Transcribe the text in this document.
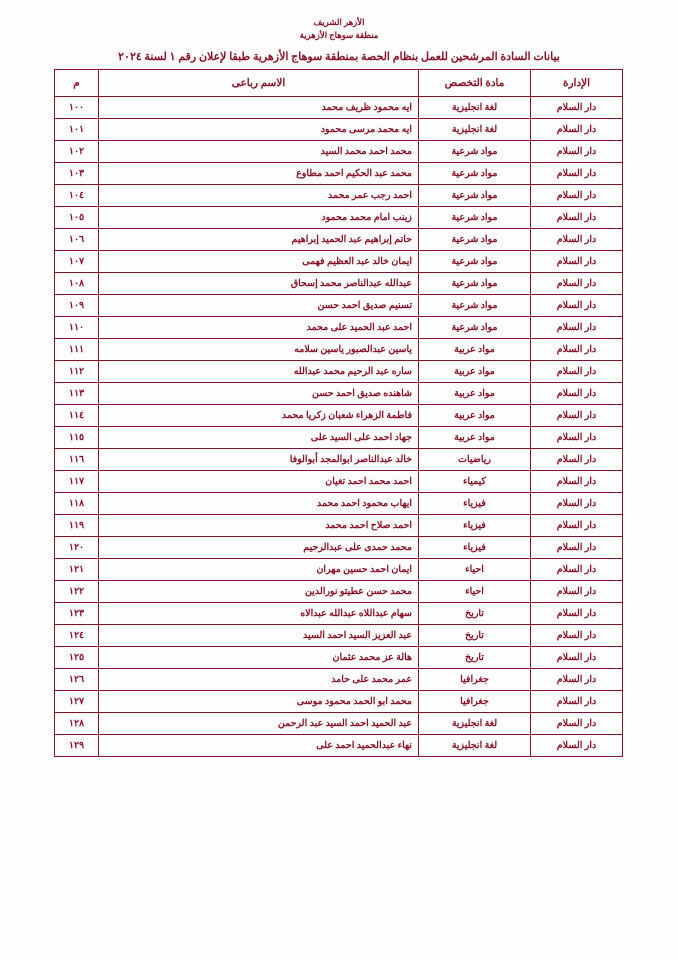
الأزهر الشريف
منطقة سوهاج الأزهرية
بيانات السادة المرشحين للعمل بنظام الحصة بمنطقة سوهاج الأزهرية طبقا لإعلان رقم ١ لسنة ٢٠٢٤
الإدارة	مادة التخصص	الاسم رباعى	م
دار السلام	لغة انجليزية	ايه محمود ظريف محمد	١٠٠
دار السلام	لغة انجليزية	ايه محمد مرسى محمود	١٠١
دار السلام	مواد شرعية	محمد احمد محمد السيد	١٠٢
دار السلام	مواد شرعية	محمد عبد الحكيم احمد مطاوع	١٠٣
دار السلام	مواد شرعية	احمد رجب عمر محمد	١٠٤
دار السلام	مواد شرعية	زينب امام محمد محمود	١٠٥
دار السلام	مواد شرعية	حاتم إبراهيم عبد الحميد إبراهيم	١٠٦
دار السلام	مواد شرعية	ايمان خالد عبد العظيم فهمى	١٠٧
دار السلام	مواد شرعية	عبدالله عبدالناصر محمد إسحاق	١٠٨
دار السلام	مواد شرعية	تسنيم صديق احمد حسن	١٠٩
دار السلام	مواد شرعية	احمد عبد الحميد على محمد	١١٠
دار السلام	مواد عربية	ياسين عبدالصبور ياسين سلامه	١١١
دار السلام	مواد عربية	ساره عبد الرحيم محمد عبدالله	١١٢
دار السلام	مواد عربية	شاهنده صديق احمد حسن	١١٣
دار السلام	مواد عربية	فاطمة الزهراء شعبان زكريا محمد	١١٤
دار السلام	مواد عربية	جهاد احمد على السيد على	١١٥
دار السلام	رياضيات	خالد عبدالناصر ابوالمجد أبوالوفا	١١٦
دار السلام	كيمياء	احمد محمد احمد تغيان	١١٧
دار السلام	فيزياء	ايهاب محمود احمد محمد	١١٨
دار السلام	فيزياء	احمد صلاح احمد محمد	١١٩
دار السلام	فيزياء	محمد حمدى على عبدالرحيم	١٢٠
دار السلام	احياء	ايمان احمد حسين مهران	١٢١
دار السلام	احياء	محمد حسن عطيتو نورالدين	١٢٢
دار السلام	تاريخ	سهام عبداللاه عبدالله عبدالاه	١٢٣
دار السلام	تاريخ	عبد العزيز السيد احمد السيد	١٢٤
دار السلام	تاريخ	هالة عز محمد عثمان	١٢٥
دار السلام	جغرافيا	عمر محمد على حامد	١٢٦
دار السلام	جغرافيا	محمد ابو الحمد محمود موسى	١٢٧
دار السلام	لغة انجليزية	عبد الحميد احمد السيد عبد الرحمن	١٢٨
دار السلام	لغة انجليزية	نهاء عبدالحميد احمد على	١٢٩
